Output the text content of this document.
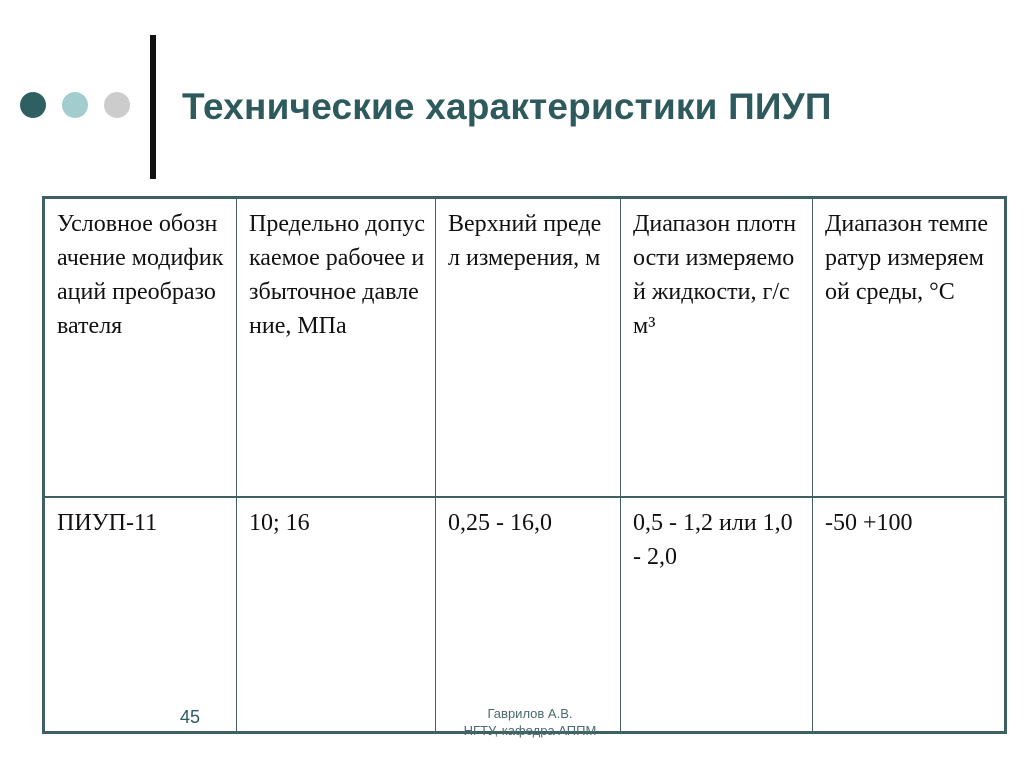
Технические характеристики ПИУП
Условное обозначение модификаций преобразователя	Предельно допускаемое рабочее избыточное давление, МПа	Верхний предел измерения, м	Диапазон плотности измеряемой жидкости, г/см³	Диапазон температур измеряемой среды, °С
ПИУП-11	10; 16	0,25 - 16,0	0,5 - 1,2 или 1,0 - 2,0	-50 +100
45	Гаврилов А.В.
НГТУ, кафедра АППМ
